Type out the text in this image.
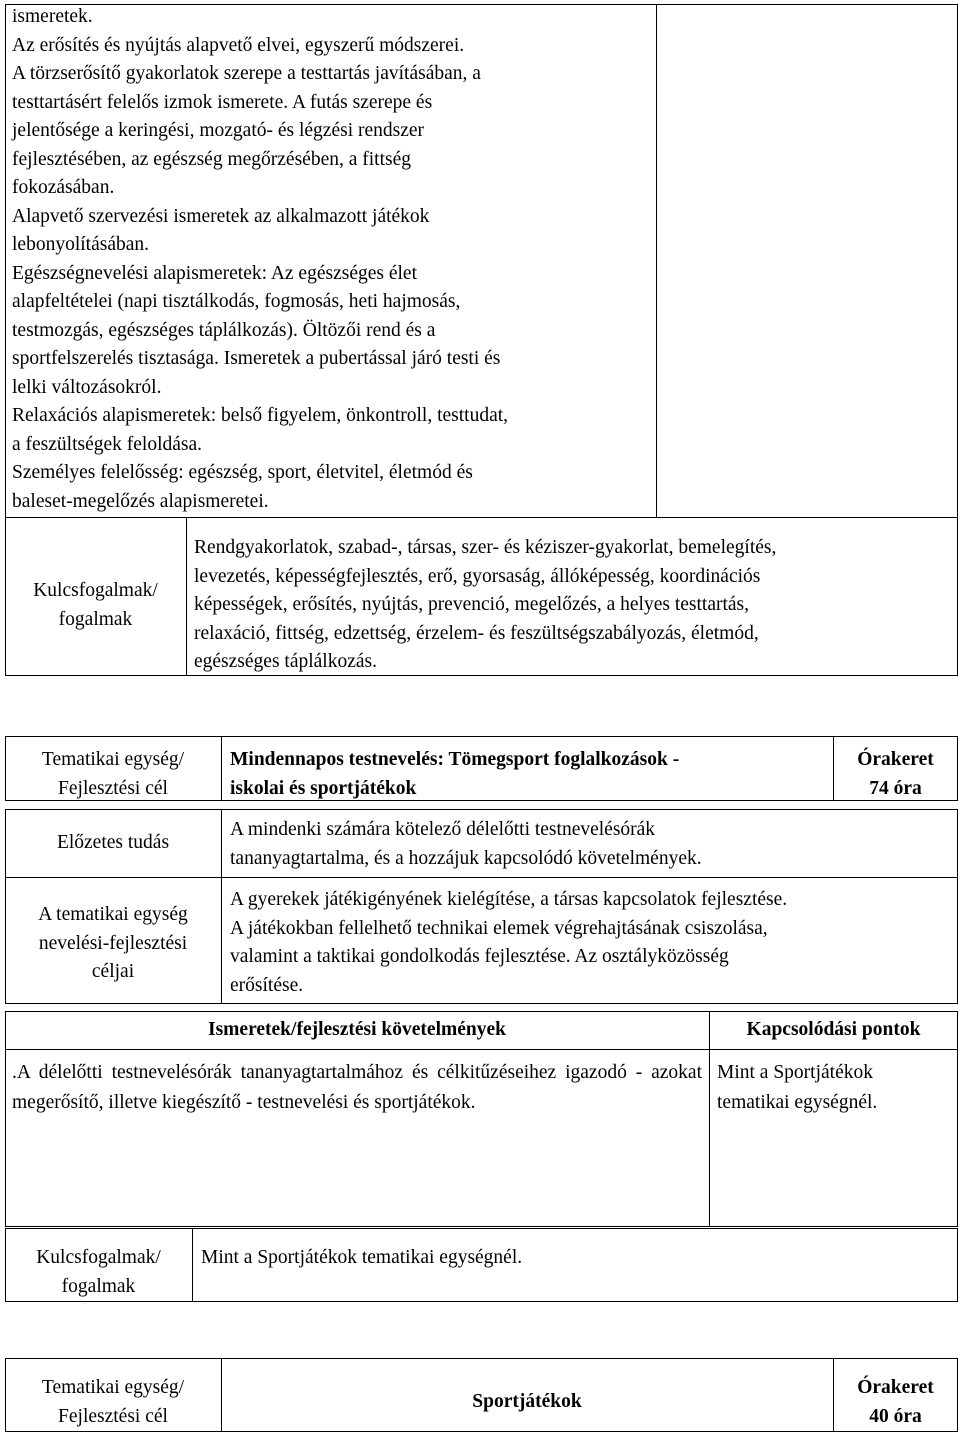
ismeretek.
Az erősítés és nyújtás alapvető elvei, egyszerű módszerei.
A törzserősítő gyakorlatok szerepe a testtartás javításában, a
testtartásért felelős izmok ismerete. A futás szerepe és
jelentősége a keringési, mozgató- és légzési rendszer
fejlesztésében, az egészség megőrzésében, a fittség
fokozásában.
Alapvető szervezési ismeretek az alkalmazott játékok
lebonyolításában.
Egészségnevelési alapismeretek: Az egészséges élet
alapfeltételei (napi tisztálkodás, fogmosás, heti hajmosás,
testmozgás, egészséges táplálkozás). Öltözői rend és a
sportfelszerelés tisztasága. Ismeretek a pubertással járó testi és
lelki változásokról.
Relaxációs alapismeretek: belső figyelem, önkontroll, testtudat,
a feszültségek feloldása.
Személyes felelősség: egészség, sport, életvitel, életmód és
baleset-megelőzés alapismeretei.
Kulcsfogalmak/
fogalmak
Rendgyakorlatok, szabad-, társas, szer- és kéziszer-gyakorlat, bemelegítés,
levezetés, képességfejlesztés, erő, gyorsaság, állóképesség, koordinációs
képességek, erősítés, nyújtás, prevenció, megelőzés, a helyes testtartás,
relaxáció, fittség, edzettség, érzelem- és feszültségszabályozás, életmód,
egészséges táplálkozás.
Tematikai egység/
Fejlesztési cél
Mindennapos testnevelés: Tömegsport foglalkozások -
iskolai és sportjátékok
Órakeret
74 óra
Előzetes tudás
A mindenki számára kötelező délelőtti testnevelésórák
tananyagtartalma, és a hozzájuk kapcsolódó követelmények.
A tematikai egység
nevelési-fejlesztési
céljai
A gyerekek játékigényének kielégítése, a társas kapcsolatok fejlesztése.
A játékokban fellelhető technikai elemek végrehajtásának csiszolása,
valamint a taktikai gondolkodás fejlesztése. Az osztályközösség
erősítése.
Ismeretek/fejlesztési követelmények	Kapcsolódási pontok
.A délelőtti testnevelésórák tananyagtartalmához és célkitűzéseihez igazodó - azokat megerősítő, illetve kiegészítő - testnevelési és sportjátékok.
Mint a Sportjátékok
tematikai egységnél.
Kulcsfogalmak/
fogalmak
Mint a Sportjátékok tematikai egységnél.
Tematikai egység/
Fejlesztési cél
Sportjátékok
Órakeret
40 óra
